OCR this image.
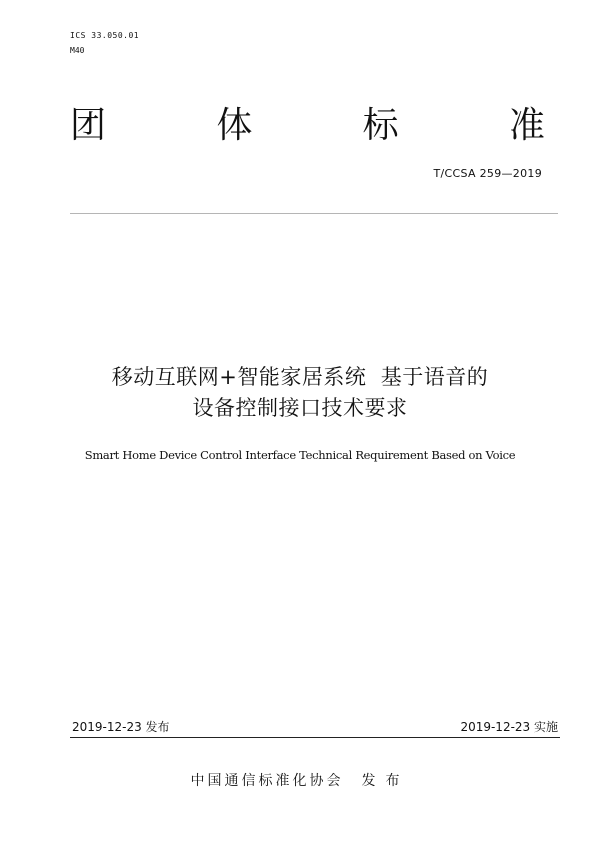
ICS 33.050.01
M40
团	体	标	准
T/CCSA 259—2019
移动互联网+智能家居系统  基于语音的
设备控制接口技术要求
Smart Home Device Control Interface Technical Requirement Based on Voice
2019-12-23 发布	2019-12-23 实施
中国通信标准化协会 发布
